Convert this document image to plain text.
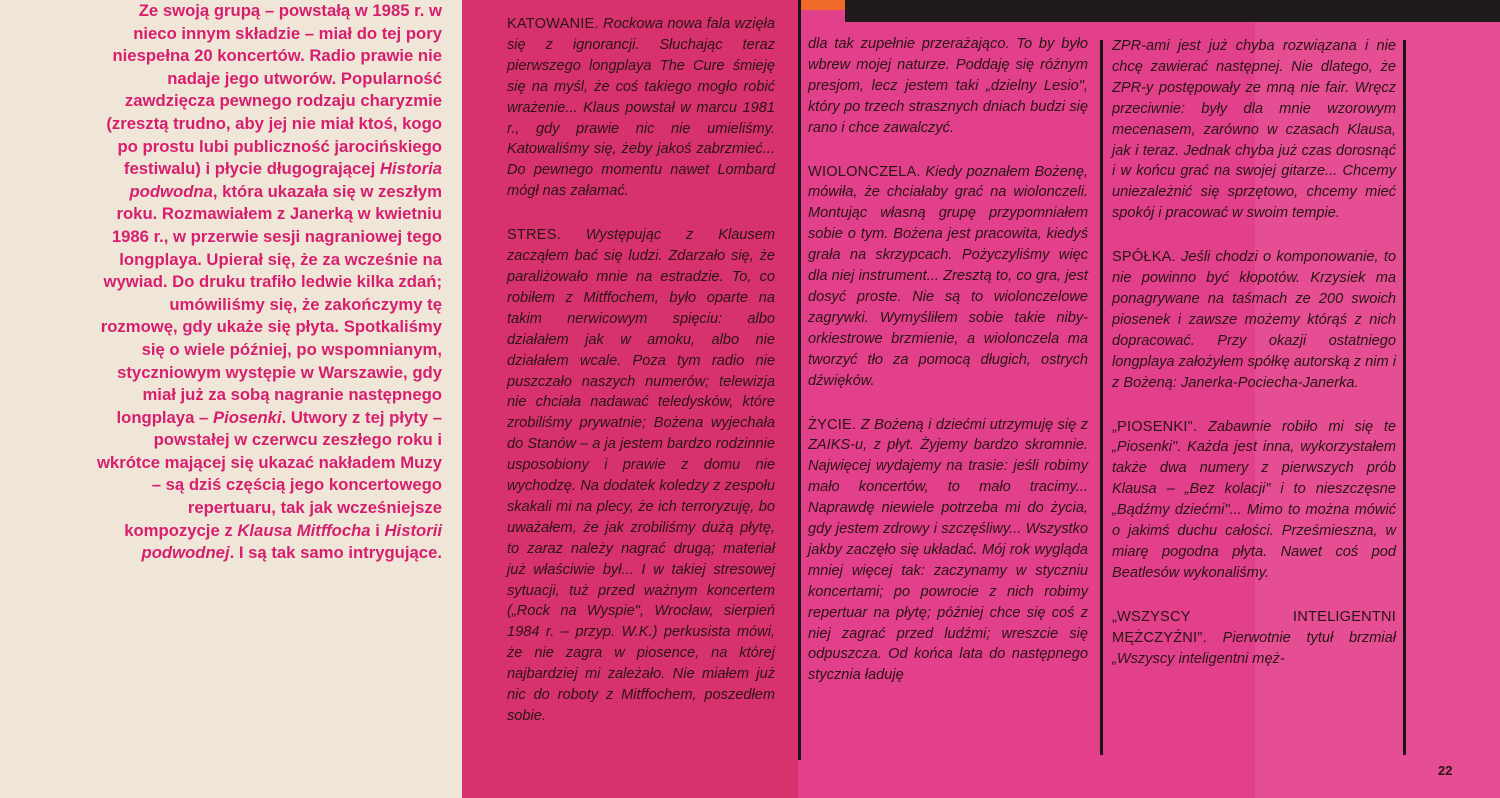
Ze swoją grupą – powstałą w 1985 r. w nieco innym składzie – miał do tej pory niespełna 20 koncertów. Radio prawie nie nadaje jego utworów. Popularność zawdzięcza pewnego rodzaju charyzmie (zresztą trudno, aby jej nie miał ktoś, kogo po prostu lubi publiczność jarocińskiego festiwalu) i płycie długogrającej Historia podwodna, która ukazała się w zeszłym roku. Rozmawiałem z Janerką w kwietniu 1986 r., w przerwie sesji nagraniowej tego longplaya. Upierał się, że za wcześnie na wywiad. Do druku trafiło ledwie kilka zdań; umówiliśmy się, że zakończymy tę rozmowę, gdy ukaże się płyta. Spotkaliśmy się o wiele później, po wspomnianym, styczniowym występie w Warszawie, gdy miał już za sobą nagranie następnego longplaya – Piosenki. Utwory z tej płyty – powstałej w czerwcu zeszłego roku i wkrótce mającej się ukazać nakładem Muzy – są dziś częścią jego koncertowego repertuaru, tak jak wcześniejsze kompozycje z Klausa Mitffocha i Historii podwodnej. I są tak samo intrygujące.

KATOWANIE. Rockowa nowa fala wzięła się z ignorancji. Słuchając teraz pierwszego longplaya The Cure śmieję się na myśl, że coś takiego mogło robić wrażenie... Klaus powstał w marcu 1981 r., gdy prawie nic nie umieliśmy. Katowaliśmy się, żeby jakoś zabrzmieć... Do pewnego momentu nawet Lombard mógł nas załamać.

STRES. Występując z Klausem zacząłem bać się ludzi. Zdarzało się, że paraliżowało mnie na estradzie. To, co robiłem z Mitffochem, było oparte na takim nerwicowym spięciu: albo działałem jak w amoku, albo nie działałem wcale. Poza tym radio nie puszczało naszych numerów; telewizja nie chciała nadawać teledysków, które zrobiliśmy prywatnie; Bożena wyjechała do Stanów – a ja jestem bardzo rodzinnie usposobiony i prawie z domu nie wychodzę. Na dodatek koledzy z zespołu skakali mi na plecy, że ich terroryzuję, bo uważałem, że jak zrobiliśmy dużą płytę, to zaraz należy nagrać drugą; materiał już właściwie był... I w takiej stresowej sytuacji, tuż przed ważnym koncertem („Rock na Wyspie", Wrocław, sierpień 1984 r. – przyp. W.K.) perkusista mówi, że nie zagra w piosence, na której najbardziej mi zależało. Nie miałem już nic do roboty z Mitffochem, poszedłem sobie.

dla tak zupełnie przerażająco. To by było wbrew mojej naturze. Poddaję się różnym presjom, lecz jestem taki „dzielny Lesio", który po trzech strasznych dniach budzi się rano i chce zawalczyć.

WIOLONCZELA. Kiedy poznałem Bożenę, mówiła, że chciałaby grać na wiolonczeli. Montując własną grupę przypomniałem sobie o tym. Bożena jest pracowita, kiedyś grała na skrzypcach. Pożyczyliśmy więc dla niej instrument... Zresztą to, co gra, jest dosyć proste. Nie są to wiolonczelowe zagrywki. Wymyśliłem sobie takie niby-orkiestrowe brzmienie, a wiolonczela ma tworzyć tło za pomocą długich, ostrych dźwięków.

ŻYCIE. Z Bożeną i dziećmi utrzymuję się z ZAIKS-u, z płyt. Żyjemy bardzo skromnie. Najwięcej wydajemy na trasie: jeśli robimy mało koncertów, to mało tracimy... Naprawdę niewiele potrzeba mi do życia, gdy jestem zdrowy i szczęśliwy... Wszystko jakby zaczęło się układać. Mój rok wygląda mniej więcej tak: zaczynamy w styczniu koncertami; po powrocie z nich robimy repertuar na płytę; później chce się coś z niej zagrać przed ludźmi; wreszcie się odpuszcza. Od końca lata do następnego stycznia ładuję

ZPR-ami jest już chyba rozwiązana i nie chcę zawierać następnej. Nie dlatego, że ZPR-y postępowały ze mną nie fair. Wręcz przeciwnie: były dla mnie wzorowym mecenasem, zarówno w czasach Klausa, jak i teraz. Jednak chyba już czas dorosnąć i w końcu grać na swojej gitarze... Chcemy uniezależnić się sprzętowo, chcemy mieć spokój i pracować w swoim tempie.

SPÓŁKA. Jeśli chodzi o komponowanie, to nie powinno być kłopotów. Krzysiek ma ponagrywane na taśmach ze 200 swoich piosenek i zawsze możemy którąś z nich dopracować. Przy okazji ostatniego longplaya założyłem spółkę autorską z nim i z Bożeną: Janerka-Pociecha-Janerka.

„PIOSENKI". Zabawnie robiło mi się te „Piosenki". Każda jest inna, wykorzystałem także dwa numery z pierwszych prób Klausa – „Bez kolacji" i to nieszczęsne „Bądźmy dziećmi"... Mimo to można mówić o jakimś duchu całości. Prześmieszna, w miarę pogodna płyta. Nawet coś pod Beatlesów wykonaliśmy.

„WSZYSCY INTELIGENTNI MĘŻCZYŹNI". Pierwotnie tytuł brzmiał „Wszyscy inteligentni męż-

22
